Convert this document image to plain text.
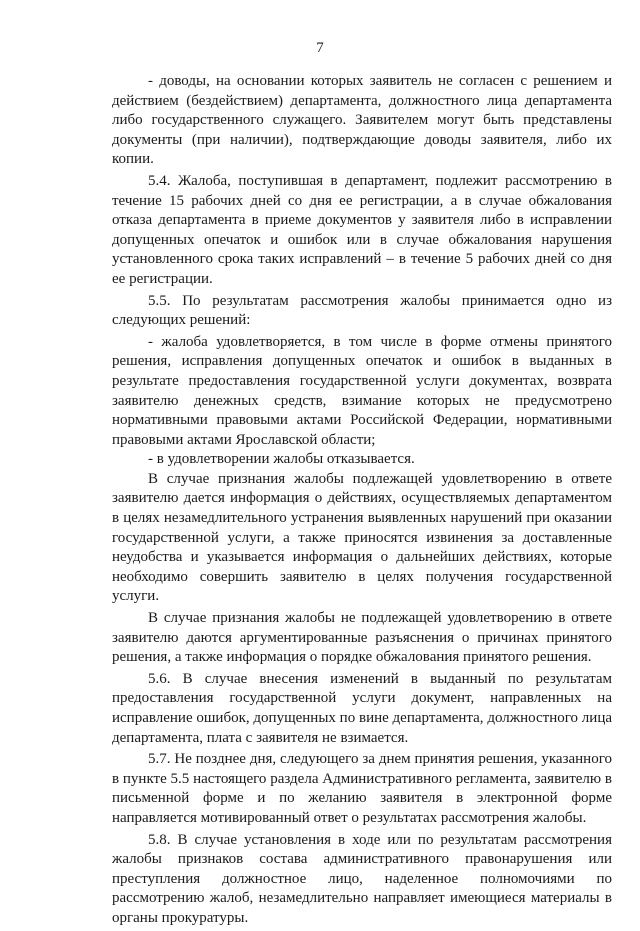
7

- доводы, на основании которых заявитель не согласен с решением и действием (бездействием) департамента, должностного лица департамента либо государственного служащего. Заявителем могут быть представлены документы (при наличии), подтверждающие доводы заявителя, либо их копии.

5.4. Жалоба, поступившая в департамент, подлежит рассмотрению в течение 15 рабочих дней со дня ее регистрации, а в случае обжалования отказа департамента в приеме документов у заявителя либо в исправлении допущенных опечаток и ошибок или в случае обжалования нарушения установленного срока таких исправлений – в течение 5 рабочих дней со дня ее регистрации.

5.5. По результатам рассмотрения жалобы принимается одно из следующих решений:

- жалоба удовлетворяется, в том числе в форме отмены принятого решения, исправления допущенных опечаток и ошибок в выданных в результате предоставления государственной услуги документах, возврата заявителю денежных средств, взимание которых не предусмотрено нормативными правовыми актами Российской Федерации, нормативными правовыми актами Ярославской области;

- в удовлетворении жалобы отказывается.

В случае признания жалобы подлежащей удовлетворению в ответе заявителю дается информация о действиях, осуществляемых департаментом в целях незамедлительного устранения выявленных нарушений при оказании государственной услуги, а также приносятся извинения за доставленные неудобства и указывается информация о дальнейших действиях, которые необходимо совершить заявителю в целях получения государственной услуги.

В случае признания жалобы не подлежащей удовлетворению в ответе заявителю даются аргументированные разъяснения о причинах принятого решения, а также информация о порядке обжалования принятого решения.

5.6. В случае внесения изменений в выданный по результатам предоставления государственной услуги документ, направленных на исправление ошибок, допущенных по вине департамента, должностного лица департамента, плата с заявителя не взимается.

5.7. Не позднее дня, следующего за днем принятия решения, указанного в пункте 5.5 настоящего раздела Административного регламента, заявителю в письменной форме и по желанию заявителя в электронной форме направляется мотивированный ответ о результатах рассмотрения жалобы.

5.8. В случае установления в ходе или по результатам рассмотрения жалобы признаков состава административного правонарушения или преступления должностное лицо, наделенное полномочиями по рассмотрению жалоб, незамедлительно направляет имеющиеся материалы в органы прокуратуры.
